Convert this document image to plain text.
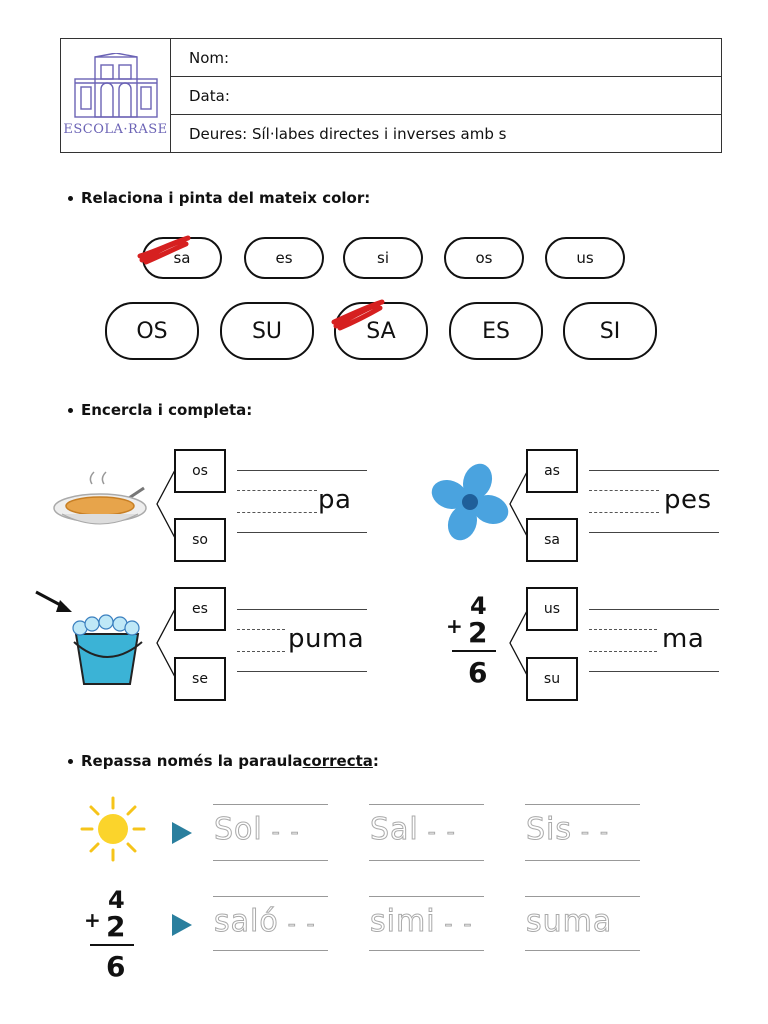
ESCOLA·RASE
Nom:
Data:
Deures: Síl·labes directes i inverses amb s
Relaciona i pinta del mateix color:
sa	es	si	os	us
OS	SU	SA	ES	SI
Encercla i completa:
os
so
pa
as
sa
pes
es
se
puma
4
+ 2
6
us
su
ma
Repassa només la paraula correcta :
Sol - - Sal - - Sis - -
4
+ 2
6
saló - - simi - - suma
